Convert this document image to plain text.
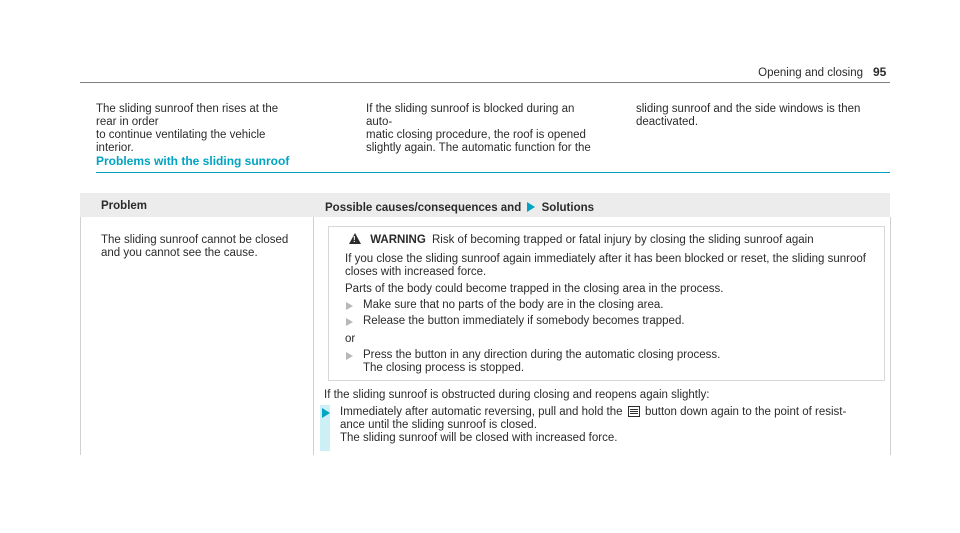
Opening and closing 95
The sliding sunroof then rises at the rear in order
to continue ventilating the vehicle interior.
If the sliding sunroof is blocked during an auto-
matic closing procedure, the roof is opened
slightly again. The automatic function for the
sliding sunroof and the side windows is then
deactivated.
Problems with the sliding sunroof
Problem	Possible causes/consequences and Solutions
The sliding sunroof cannot be closed
and you cannot see the cause.
! WARNING Risk of becoming trapped or fatal injury by closing the sliding sunroof again
If you close the sliding sunroof again immediately after it has been blocked or reset, the sliding sunroof
closes with increased force.
Parts of the body could become trapped in the closing area in the process.
Make sure that no parts of the body are in the closing area.
Release the button immediately if somebody becomes trapped.
or
Press the button in any direction during the automatic closing process.
The closing process is stopped.
If the sliding sunroof is obstructed during closing and reopens again slightly:
Immediately after automatic reversing, pull and hold the button down again to the point of resist-
ance until the sliding sunroof is closed.
The sliding sunroof will be closed with increased force.
